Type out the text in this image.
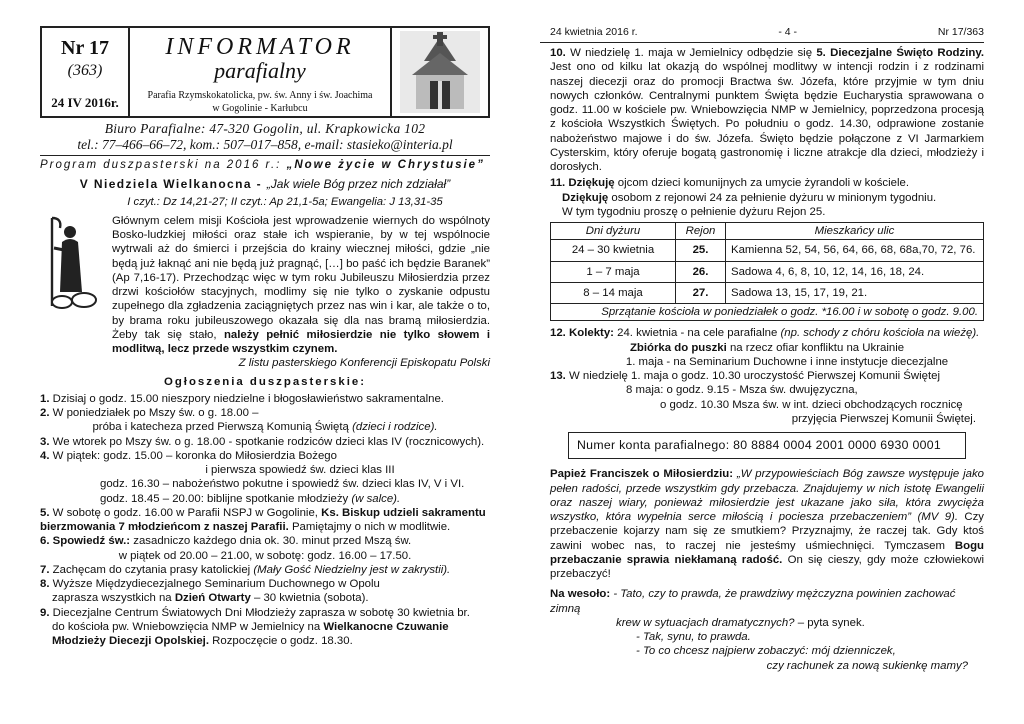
Nr 17
(363)
24 IV 2016r.
INFORMATOR
parafialny
Parafia Rzymskokatolicka, pw. św. Anny i św. Joachima
w Gogolinie - Karłubcu
Biuro Parafialne: 47-320 Gogolin, ul. Krapkowicka 102
tel.: 77–466–66–72, kom.: 507–017–858, e-mail: stasieko@interia.pl
Program duszpasterski na 2016 r.: „Nowe życie w Chrystusie”
V Niedziela Wielkanocna - „Jak wiele Bóg przez nich zdziałał”
I czyt.: Dz 14,21-27; II czyt.: Ap 21,1-5a; Ewangelia: J 13,31-35
Głównym celem misji Kościoła jest wprowadzenie wiernych do wspólnoty Bosko-ludzkiej miłości oraz stałe ich wspieranie, by w tej wspólnocie wytrwali aż do śmierci i przejścia do krainy wiecznej miłości, gdzie „nie będą już łaknąć ani nie będą już pragnąć, […] bo paść ich będzie Baranek” (Ap 7,16-17). Przechodząc więc w tym roku Jubileuszu Miłosierdzia przez drzwi kościołów stacyjnych, modlimy się nie tylko o zyskanie odpustu zupełnego dla zgładzenia zaciągniętych przez nas win i kar, ale także o to, by brama roku jubileuszowego okazała się dla nas bramą miłosierdzia. Żeby tak się stało, należy pełnić miłosierdzie nie tylko słowem i modlitwą, lecz przede wszystkim czynem.
Z listu pasterskiego Konferencji Episkopatu Polski
Ogłoszenia duszpasterskie:
1. Dzisiaj o godz. 15.00 nieszpory niedzielne i błogosławieństwo sakramentalne.
2. W poniedziałek po Mszy św. o g. 18.00 –
próba i katecheza przed Pierwszą Komunią Świętą (dzieci i rodzice).
3. We wtorek po Mszy św. o g. 18.00 - spotkanie rodziców dzieci klas IV (rocznicowych).
4. W piątek: godz. 15.00 – koronka do Miłosierdzia Bożego
i pierwsza spowiedź św. dzieci klas III
godz. 16.30 – nabożeństwo pokutne i spowiedź św. dzieci klas IV, V i VI.
godz. 18.45 – 20.00: biblijne spotkanie młodzieży (w salce).
5. W sobotę o godz. 16.00 w Parafii NSPJ w Gogolinie, Ks. Biskup udzieli sakramentu bierzmowania 7 młodzieńcom z naszej Parafii. Pamiętajmy o nich w modlitwie.
6. Spowiedź św.: zasadniczo każdego dnia ok. 30. minut przed Mszą św.
w piątek od 20.00 – 21.00, w sobotę: godz. 16.00 – 17.50.
7. Zachęcam do czytania prasy katolickiej (Mały Gość Niedzielny jest w zakrystii).
8. Wyższe Międzydiecezjalnego Seminarium Duchownego w Opolu
zaprasza wszystkich na Dzień Otwarty – 30 kwietnia (sobota).
9. Diecezjalne Centrum Światowych Dni Młodzieży zaprasza w sobotę 30 kwietnia br.
do kościoła pw. Wniebowzięcia NMP w Jemielnicy na Wielkanocne Czuwanie
Młodzieży Diecezji Opolskiej. Rozpoczęcie o godz. 18.30.
24 kwietnia 2016 r.	- 4 -	Nr 17/363
10. W niedzielę 1. maja w Jemielnicy odbędzie się 5. Diecezjalne Święto Rodziny. Jest ono od kilku lat okazją do wspólnej modlitwy w intencji rodzin i z rodzinami naszej diecezji oraz do promocji Bractwa św. Józefa, które przyjmie w tym dniu nowych członków. Centralnymi punktem Święta będzie Eucharystia sprawowana o godz. 11.00 w kościele pw. Wniebowzięcia NMP w Jemielnicy, poprzedzona procesją z kościoła Wszystkich Świętych. Po południu o godz. 14.30, odprawione zostanie nabożeństwo majowe i do św. Józefa. Święto będzie połączone z VI Jarmarkiem Cysterskim, który oferuje bogatą gastronomię i liczne atrakcje dla dzieci, młodzieży i dorosłych.
11. Dziękuję ojcom dzieci komunijnych za umycie żyrandoli w kościele.
Dziękuję osobom z rejonowi 24 za pełnienie dyżuru w minionym tygodniu.
W tym tygodniu proszę o pełnienie dyżuru Rejon 25.
Dni dyżuru	Rejon	Mieszkańcy ulic
24 – 30 kwietnia	25.	Kamienna 52, 54, 56, 64, 66, 68, 68a,70, 72, 76.
1 – 7 maja	26.	Sadowa 4, 6, 8, 10, 12, 14, 16, 18, 24.
8 – 14 maja	27.	Sadowa 13, 15, 17, 19, 21.
Sprzątanie kościoła w poniedziałek o godz. *16.00 i w sobotę o godz. 9.00.		
12. Kolekty: 24. kwietnia - na cele parafialne (np. schody z chóru kościoła na wieżę).
Zbiórka do puszki na rzecz ofiar konfliktu na Ukrainie
1. maja - na Seminarium Duchowne i inne instytucje diecezjalne
13. W niedzielę 1. maja o godz. 10.30 uroczystość Pierwszej Komunii Świętej
8 maja: o godz. 9.15 - Msza św. dwujęzyczna,
o godz. 10.30 Msza św. w int. dzieci obchodzących rocznicę
przyjęcia Pierwszej Komunii Świętej.
Numer konta parafialnego: 80 8884 0004 2001 0000 6930 0001
Papież Franciszek o Miłosierdziu: „W przypowieściach Bóg zawsze występuje jako pełen radości, przede wszystkim gdy przebacza. Znajdujemy w nich istotę Ewangelii oraz naszej wiary, ponieważ miłosierdzie jest ukazane jako siła, która zwycięża wszystko, która wypełnia serce miłością i pociesza przebaczeniem” (MV 9). Czy przebaczenie kojarzy nam się ze smutkiem? Przyznajmy, że raczej tak. Gdy ktoś zawini wobec nas, to raczej nie jesteśmy uśmiechnięci. Tymczasem Bogu przebaczanie sprawia niekłamaną radość. On się cieszy, gdy może człowiekowi przebaczyć!
Na wesoło: - Tato, czy to prawda, że prawdziwy mężczyzna powinien zachować zimną
krew w sytuacjach dramatycznych? – pyta synek.
- Tak, synu, to prawda.
- To co chcesz najpierw zobaczyć: mój dzienniczek,
czy rachunek za nową sukienkę mamy?
